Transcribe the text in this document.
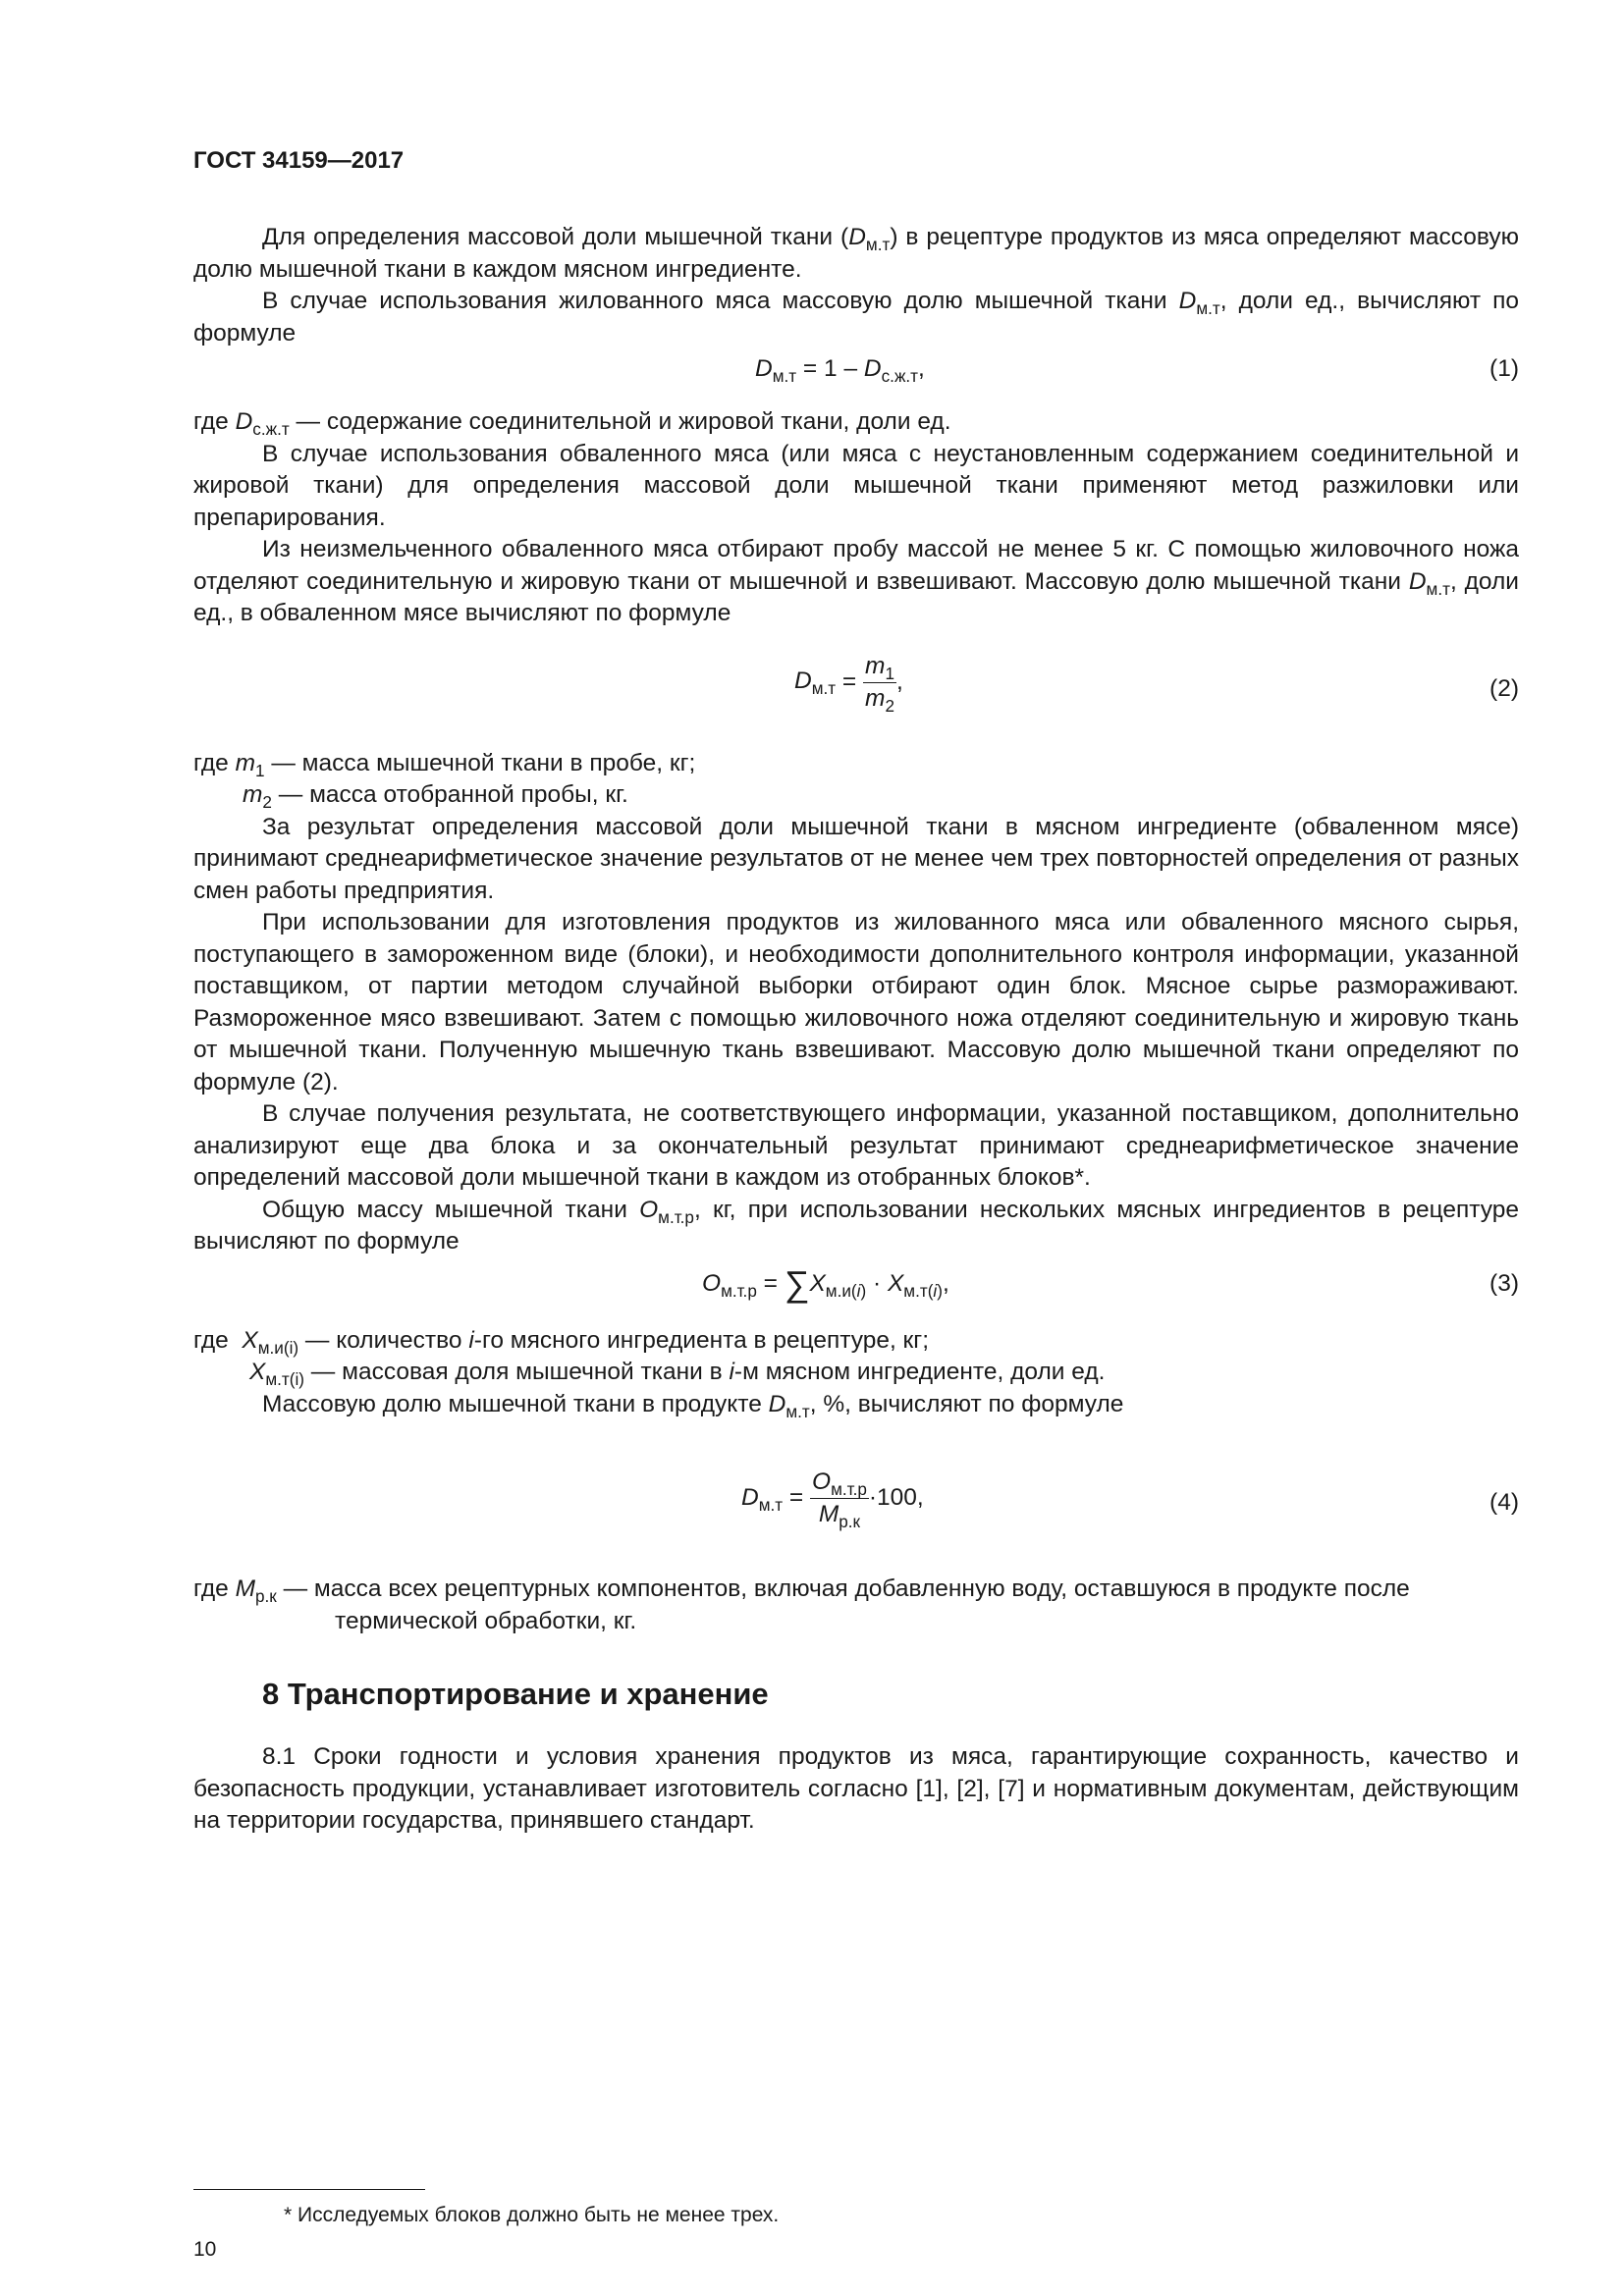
ГОСТ 34159—2017

Для определения массовой доли мышечной ткани $(D_{м.т})$ в рецептуре продуктов из мяса определяют массовую долю мышечной ткани в каждом мясном ингредиенте.

В случае использования жилованного мяса массовую долю мышечной ткани $D_{м.т}$, доли ед., вычисляют по формуле

$D_{м.т} = 1 - D_{с.ж.т}$,	(1)

где $D_{с.ж.т}$ — содержание соединительной и жировой ткани, доли ед.

В случае использования обваленного мяса (или мяса с неустановленным содержанием соединительной и жировой ткани) для определения массовой доли мышечной ткани применяют метод разжиловки или препарирования.

Из неизмельченного обваленного мяса отбирают пробу массой не менее 5 кг. С помощью жиловочного ножа отделяют соединительную и жировую ткани от мышечной и взвешивают. Массовую долю мышечной ткани $D_{м.т}$, доли ед., в обваленном мясе вычисляют по формуле

$D_{м.т} = \frac{m_1}{m_2}$ ,	(2)
где $m_1$ — масса мышечной ткани в пробе, кг;
$m_2$ — масса отобранной пробы, кг.

За результат определения массовой доли мышечной ткани в мясном ингредиенте (обваленном мясе) принимают среднеарифметическое значение результатов от не менее чем трех повторностей определения от разных смен работы предприятия.

При использовании для изготовления продуктов из жилованного мяса или обваленного мясного сырья, поступающего в замороженном виде (блоки), и необходимости дополнительного контроля информации, указанной поставщиком, от партии методом случайной выборки отбирают один блок. Мясное сырье размораживают. Размороженное мясо взвешивают. Затем с помощью жиловочного ножа отделяют соединительную и жировую ткань от мышечной ткани. Полученную мышечную ткань взвешивают. Массовую долю мышечной ткани определяют по формуле (2).

В случае получения результата, не соответствующего информации, указанной поставщиком, дополнительно анализируют еще два блока и за окончательный результат принимают среднеарифметическое значение определений массовой доли мышечной ткани в каждом из отобранных блоков*.

Общую массу мышечной ткани $O_{м.т.р}$, кг, при использовании нескольких мясных ингредиентов в рецептуре вычисляют по формуле

$O_{м.т.р} = \sum X_{м.и(i)} \cdot X_{м.т(i)}$,	(3)
где $X_{м.и(i)}$ — количество i-го мясного ингредиента в рецептуре, кг;
$X_{м.т(i)}$ — массовая доля мышечной ткани в i-м мясном ингредиенте, доли ед.

Массовую долю мышечной ткани в продукте $D_{м.т}$, %, вычисляют по формуле

$D_{м.т} = \frac{O_{м.т.р}}{M_{р.к}} \cdot 100$,	(4)
где $M_{р.к}$ — масса всех рецептурных компонентов, включая добавленную воду, оставшуюся в продукте после термической обработки, кг.
8 Транспортирование и хранение

8.1 Сроки годности и условия хранения продуктов из мяса, гарантирующие сохранность, качество и безопасность продукции, устанавливает изготовитель согласно [1], [2], [7] и нормативным документам, действующим на территории государства, принявшего стандарт.

* Исследуемых блоков должно быть не менее трех.
10
